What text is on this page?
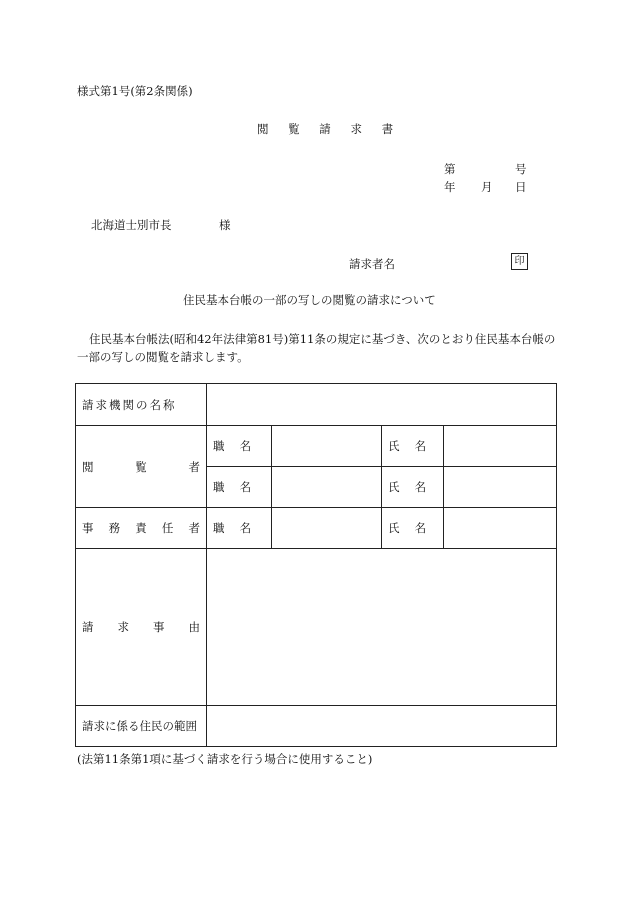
様式第1号(第2条関係)
閲 覧 請 求 書
第	号
年 月 日
北海道士別市長	様
請求者名	印
住民基本台帳の一部の写しの閲覧の請求について
住民基本台帳法(昭和42年法律第81号)第11条の規定に基づき、次のとおり住民基本台帳の一部の写しの閲覧を請求します。
請求機関の名称				

閲 覧 者	職　 名		氏　 名	
	職　 名		氏　 名	

事 務 責 任 者	職　 名		氏　 名	

請 求 事 由				

請求に係る住民の範囲				
(法第11条第1項に基づく請求を行う場合に使用すること)
